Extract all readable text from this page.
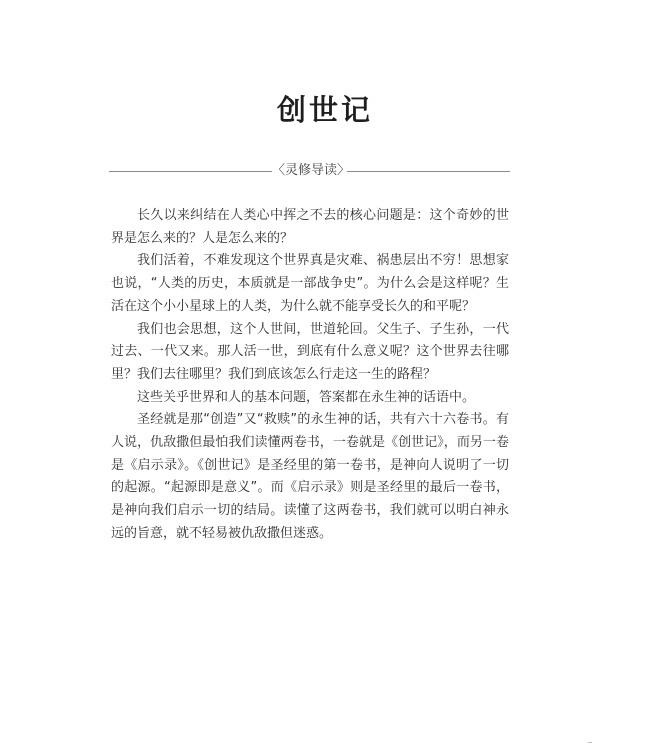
创世记
〈灵修导读〉

长久以来纠结在人类心中挥之不去的核心问题是：这个奇妙的世界是怎么来的？人是怎么来的？

我们活着，不难发现这个世界真是灾难、祸患层出不穷！思想家也说，“人类的历史，本质就是一部战争史”。为什么会是这样呢？生活在这个小小星球上的人类，为什么就不能享受长久的和平呢？

我们也会思想，这个人世间，世道轮回。父生子、子生孙，一代过去、一代又来。那人活一世，到底有什么意义呢？这个世界去往哪里？我们去往哪里？我们到底该怎么行走这一生的路程？

这些关乎世界和人的基本问题，答案都在永生神的话语中。

圣经就是那“创造”又“救赎”的永生神的话，共有六十六卷书。有人说，仇敌撒但最怕我们读懂两卷书，一卷就是《创世记》，而另一卷是《启示录》。《创世记》是圣经里的第一卷书，是神向人说明了一切的起源。“起源即是意义”。而《启示录》则是圣经里的最后一卷书，是神向我们启示一切的结局。读懂了这两卷书，我们就可以明白神永远的旨意，就不轻易被仇敌撒但迷惑。
